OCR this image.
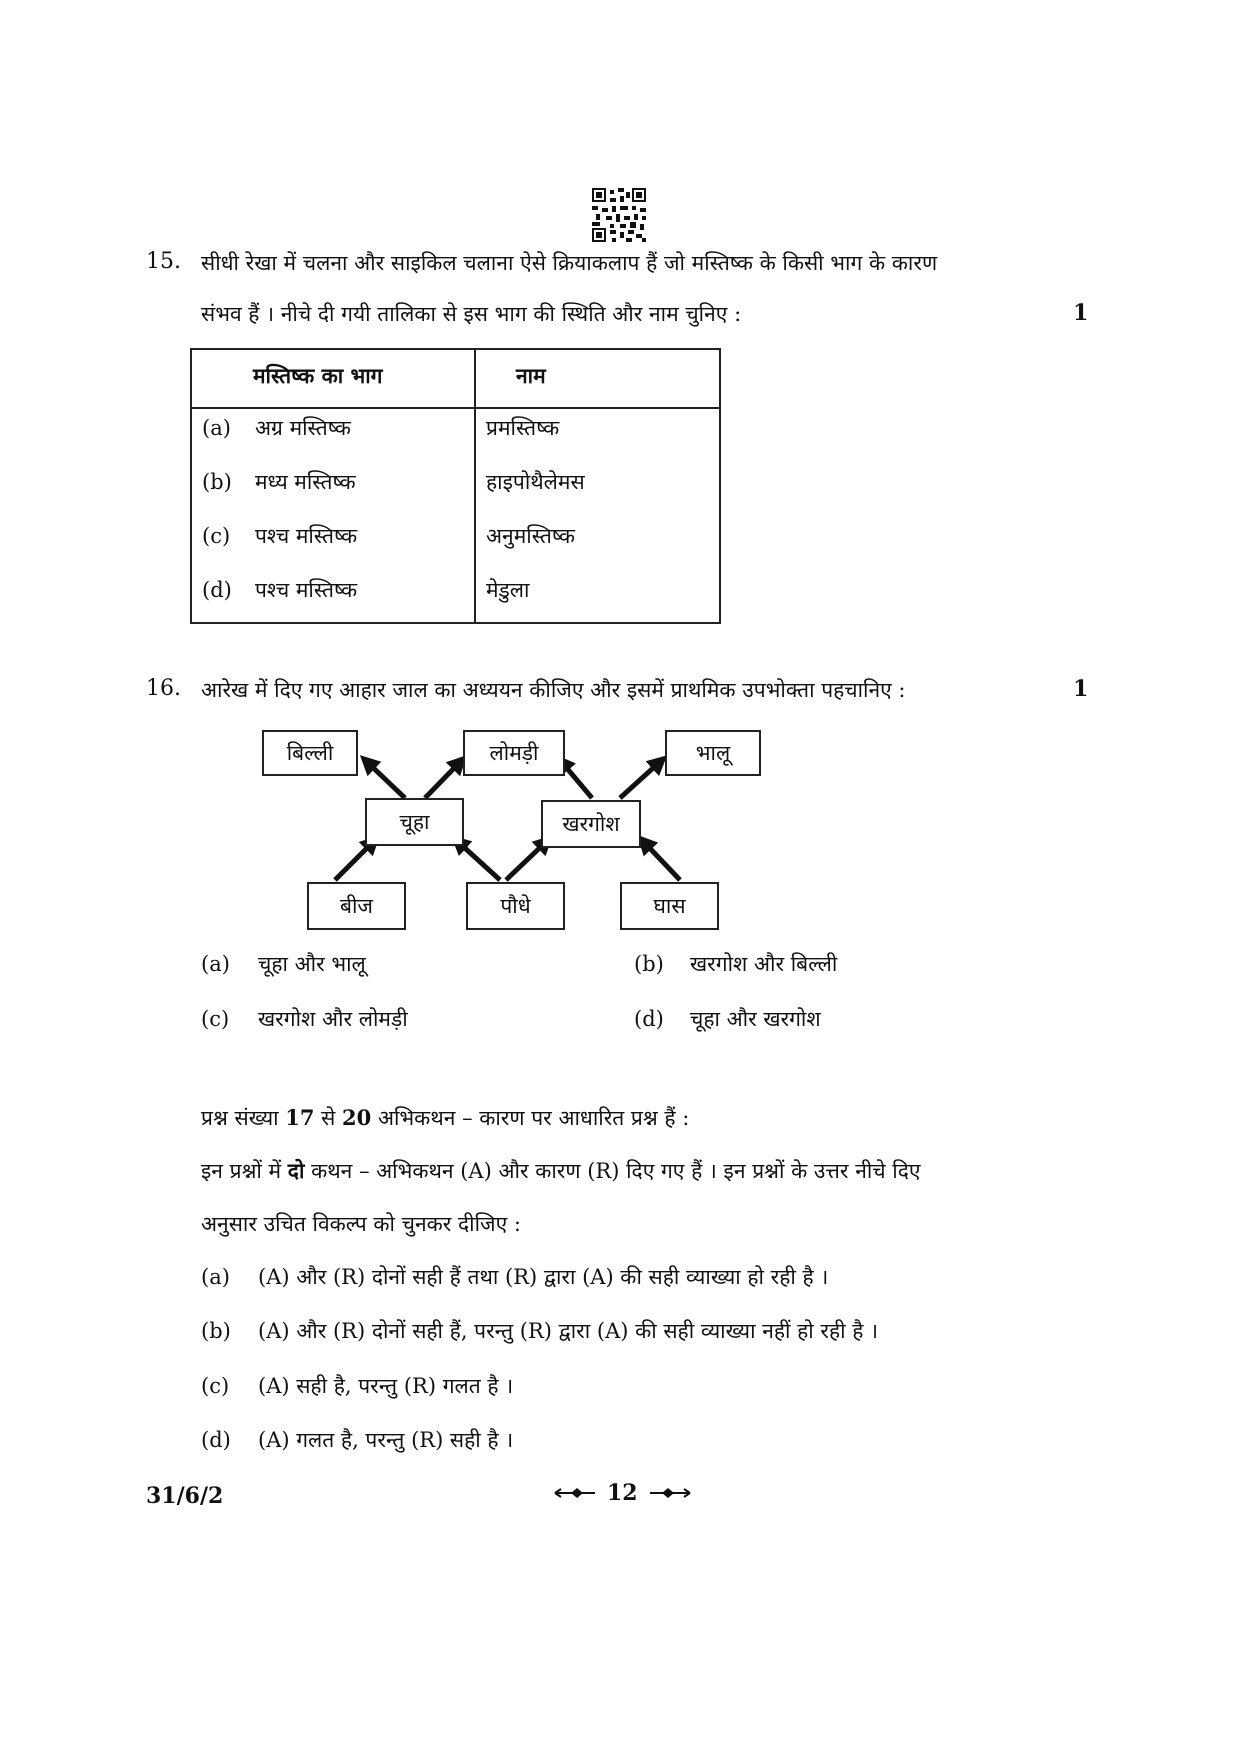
15. सीधी रेखा में चलना और साइकिल चलाना ऐसे क्रियाकलाप हैं जो मस्तिष्क के किसी भाग के कारण
संभव हैं । नीचे दी गयी तालिका से इस भाग की स्थिति और नाम चुनिए :	1
मस्तिष्क का भाग	नाम
(a) अग्र मस्तिष्क	प्रमस्तिष्क
(b) मध्य मस्तिष्क	हाइपोथैलेमस
(c) पश्च मस्तिष्क	अनुमस्तिष्क
(d) पश्च मस्तिष्क	मेडुला
16. आरेख में दिए गए आहार जाल का अध्ययन कीजिए और इसमें प्राथमिक उपभोक्ता पहचानिए :	1
बिल्ली	लोमड़ी	भालू
चूहा	खरगोश
बीज	पौधे	घास
(a) चूहा और भालू	(b) खरगोश और बिल्ली
(c) खरगोश और लोमड़ी	(d) चूहा और खरगोश
प्रश्न संख्या 17 से 20 अभिकथन – कारण पर आधारित प्रश्न हैं :
इन प्रश्नों में दो कथन – अभिकथन (A) और कारण (R) दिए गए हैं । इन प्रश्नों के उत्तर नीचे दिए
अनुसार उचित विकल्प को चुनकर दीजिए :
(a) (A) और (R) दोनों सही हैं तथा (R) द्वारा (A) की सही व्याख्या हो रही है ।
(b) (A) और (R) दोनों सही हैं, परन्तु (R) द्वारा (A) की सही व्याख्या नहीं हो रही है ।
(c) (A) सही है, परन्तु (R) गलत है ।
(d) (A) गलत है, परन्तु (R) सही है ।
31/6/2	12
